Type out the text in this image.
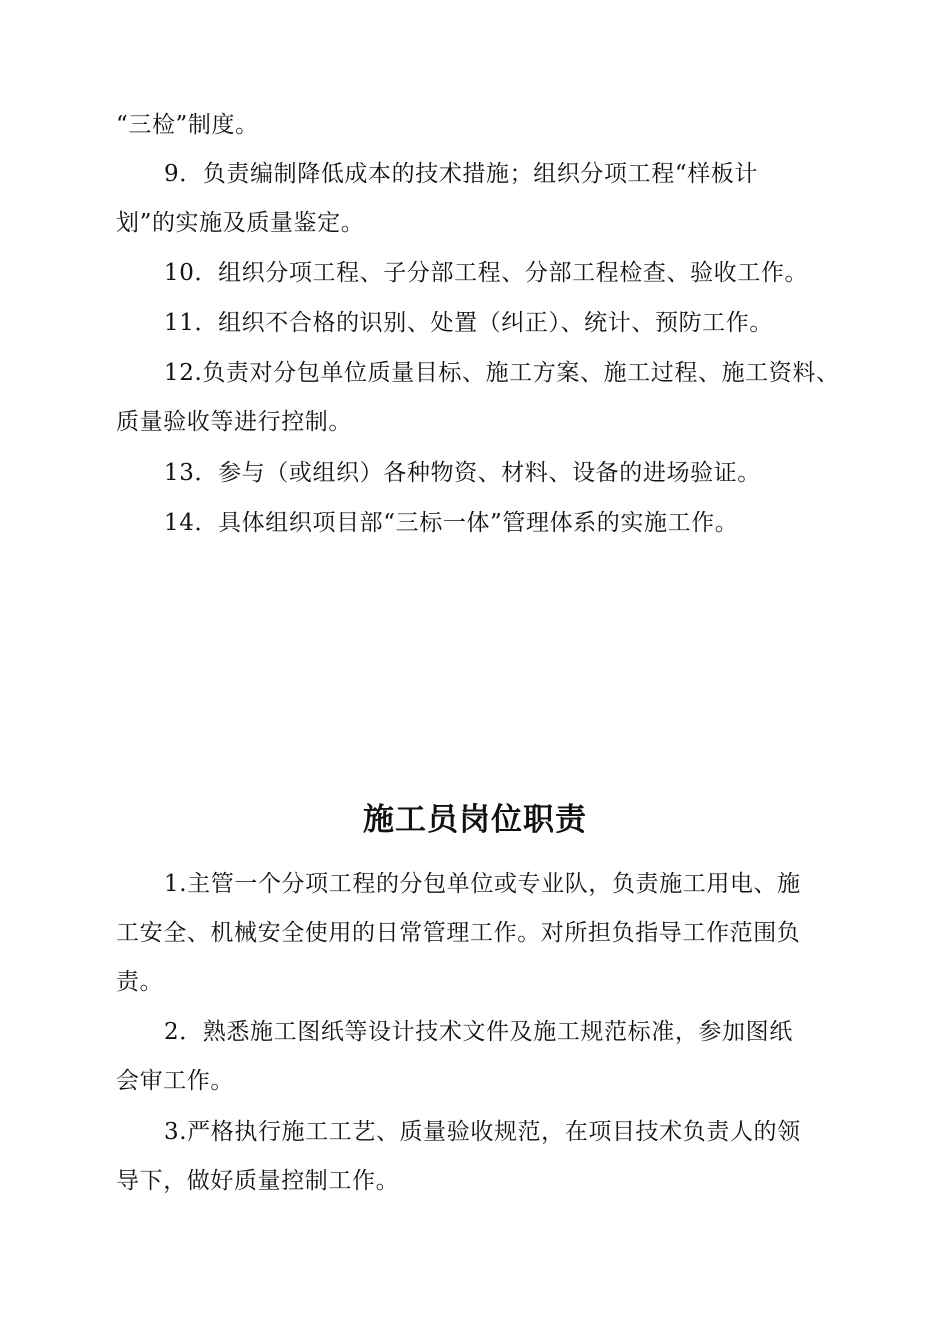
“三检”制度。
9．负责编制降低成本的技术措施；组织分项工程“样板计
划”的实施及质量鉴定。
10．组织分项工程、子分部工程、分部工程检查、验收工作。
11．组织不合格的识别、处置（纠正）、统计、预防工作。
12.负责对分包单位质量目标、施工方案、施工过程、施工资料、
质量验收等进行控制。
13．参与（或组织）各种物资、材料、设备的进场验证。
14．具体组织项目部“三标一体”管理体系的实施工作。
施工员岗位职责
1.主管一个分项工程的分包单位或专业队，负责施工用电、施
工安全、机械安全使用的日常管理工作。对所担负指导工作范围负
责。
2．熟悉施工图纸等设计技术文件及施工规范标准，参加图纸
会审工作。
3.严格执行施工工艺、质量验收规范，在项目技术负责人的领
导下，做好质量控制工作。
